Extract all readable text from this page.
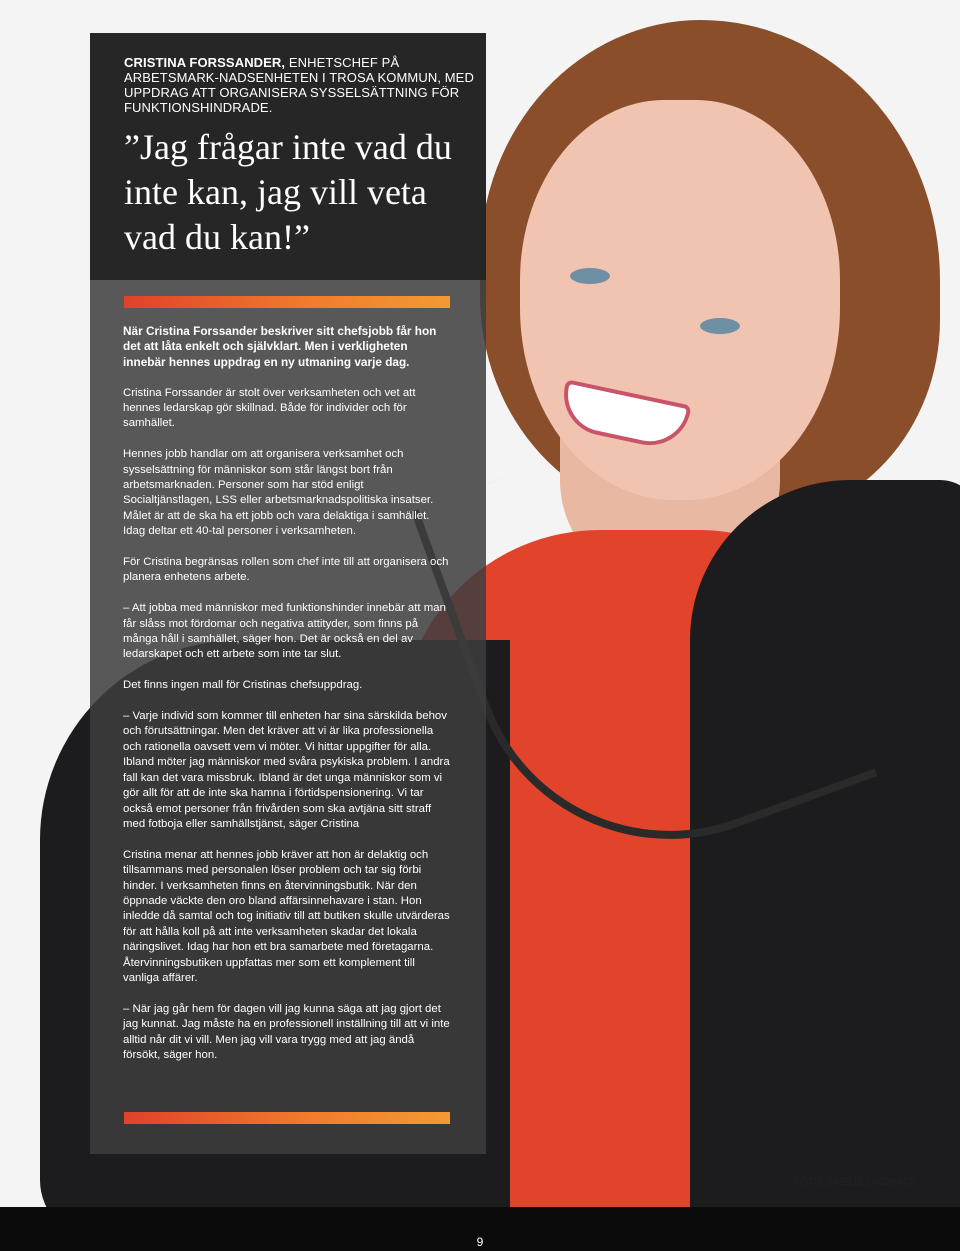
CRISTINA FORSSANDER, ENHETSCHEF PÅ ARBETSMARK-NADSENHETEN I TROSA KOMMUN, MED UPPDRAG ATT ORGANISERA SYSSELSÄTTNING FÖR FUNKTIONSHINDRADE.
”Jag frågar inte vad du inte kan, jag vill veta vad du kan!”

När Cristina Forssander beskriver sitt chefsjobb får hon det att låta enkelt och självklart. Men i verkligheten innebär hennes uppdrag en ny utmaning varje dag.

Cristina Forssander är stolt över verksamheten och vet att hennes ledarskap gör skillnad. Både för individer och för samhället.

Hennes jobb handlar om att organisera verksamhet och sysselsättning för människor som står längst bort från arbetsmarknaden. Personer som har stöd enligt Socialtjänstlagen, LSS eller arbetsmarknadspolitiska insatser. Målet är att de ska ha ett jobb och vara delaktiga i samhället. Idag deltar ett 40-tal personer i verksamheten.

För Cristina begränsas rollen som chef inte till att organisera och planera enhetens arbete.

– Att jobba med människor med funktionshinder innebär att man får slåss mot fördomar och negativa attityder, som finns på många håll i samhället, säger hon. Det är också en del av ledarskapet och ett arbete som inte tar slut.

Det finns ingen mall för Cristinas chefsuppdrag.

– Varje individ som kommer till enheten har sina särskilda behov och förutsättningar. Men det kräver att vi är lika professionella och rationella oavsett vem vi möter. Vi hittar uppgifter för alla. Ibland möter jag människor med svåra psykiska problem. I andra fall kan det vara missbruk. Ibland är det unga människor som vi gör allt för att de inte ska hamna i förtidspensionering. Vi tar också emot personer från frivården som ska avtjäna sitt straff med fotboja eller samhällstjänst, säger Cristina

Cristina menar att hennes jobb kräver att hon är delaktig och tillsammans med personalen löser problem och tar sig förbi hinder. I verksamheten finns en återvinningsbutik. När den öppnade väckte den oro bland affärsinnehavare i stan. Hon inledde då samtal och tog initiativ till att butiken skulle utvärderas för att hålla koll på att inte verksamheten skadar det lokala näringslivet. Idag har hon ett bra samarbete med företagarna. Återvinningsbutiken uppfattas mer som ett komplement till vanliga affärer.

– När jag går hem för dagen vill jag kunna säga att jag gjort det jag kunnat. Jag måste ha en professionell inställning till att vi inte alltid når dit vi vill. Men jag vill vara trygg med att jag ändå försökt, säger hon.

FOTO: EMELIE LINDBÄCK
9
